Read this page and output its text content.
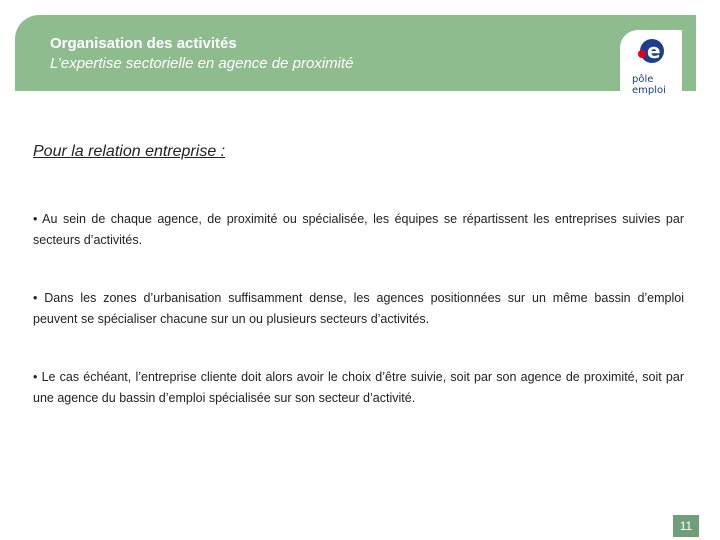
Organisation des activités
L’expertise sectorielle en agence de proximité
e
pôle emploi
Pour la relation entreprise :
• Au sein de chaque agence, de proximité ou spécialisée, les équipes se répartissent les entreprises suivies par secteurs d’activités.
• Dans les zones d’urbanisation suffisamment dense, les agences positionnées sur un même bassin d’emploi peuvent se spécialiser chacune sur un ou plusieurs secteurs d’activités.
• Le cas échéant, l’entreprise cliente doit alors avoir le choix d’être suivie, soit par son agence de proximité, soit par une agence du bassin d’emploi spécialisée sur son secteur d’activité.
11
